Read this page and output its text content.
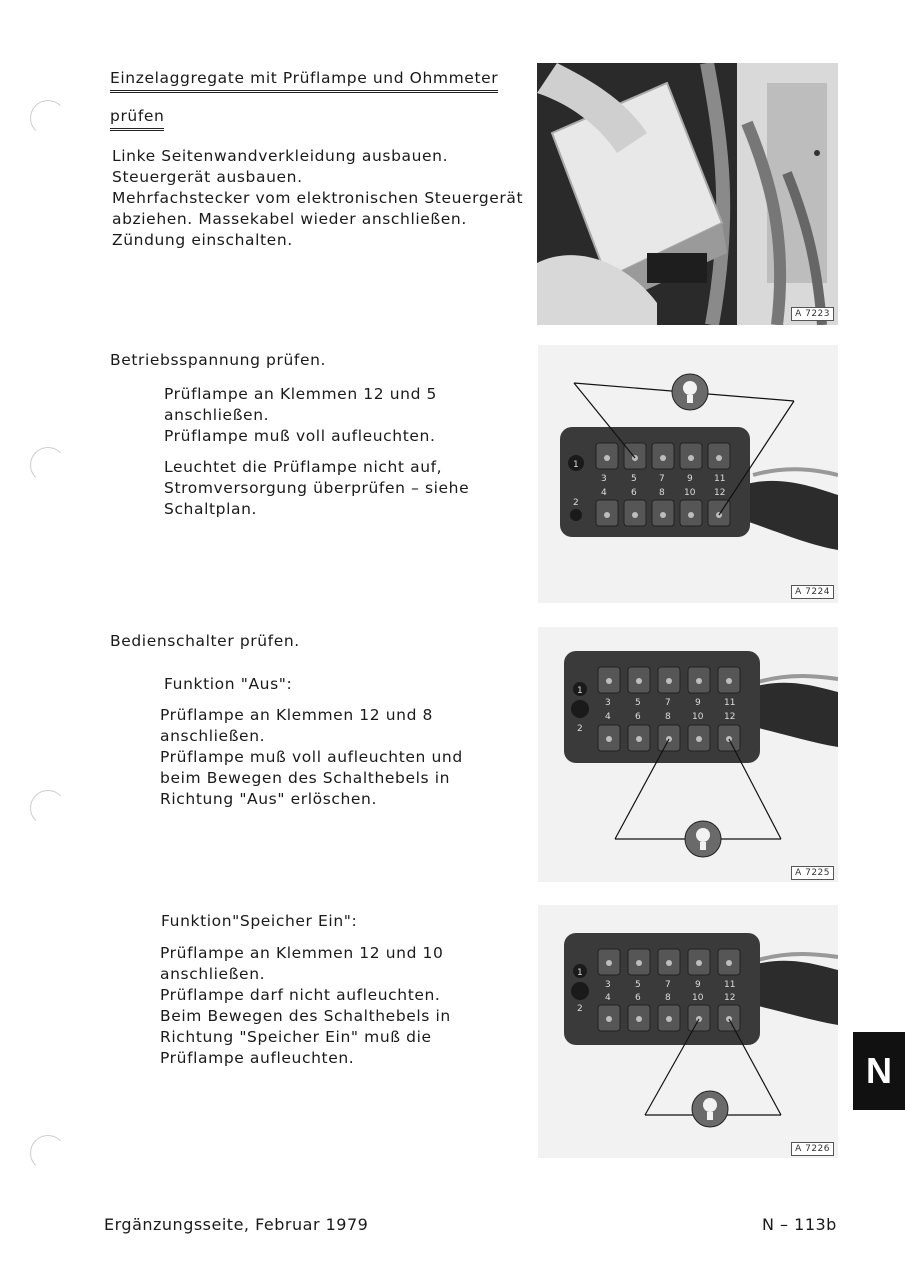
Einzelaggregate mit Prüflampe und Ohmmeter
prüfen
Linke Seitenwandverkleidung ausbauen.
Steuergerät ausbauen.
Mehrfachstecker vom elektronischen Steuergerät
abziehen. Massekabel wieder anschließen.
Zündung einschalten.
Betriebsspannung prüfen.
Prüflampe an Klemmen 12 und 5
anschließen.
Prüflampe muß voll aufleuchten.
Leuchtet die Prüflampe nicht auf,
Stromversorgung überprüfen – siehe
Schaltplan.
Bedienschalter prüfen.
Funktion "Aus":
Prüflampe an Klemmen 12 und 8
anschließen.
Prüflampe muß voll aufleuchten und
beim Bewegen des Schalthebels in
Richtung "Aus" erlöschen.
Funktion"Speicher Ein":
Prüflampe an Klemmen 12 und 10
anschließen.
Prüflampe darf nicht aufleuchten.
Beim Bewegen des Schalthebels in
Richtung "Speicher Ein" muß die
Prüflampe aufleuchten.
A 7223
1
2
3
4
5
6
7
8
9
10
11
12
A 7224
1
2
3
4
5
6
7
8
9
10
11
12
A 7225
1
2
3
4
5
6
7
8
9
10
11
12
A 7226
N
Ergänzungsseite, Februar 1979	N – 113b
